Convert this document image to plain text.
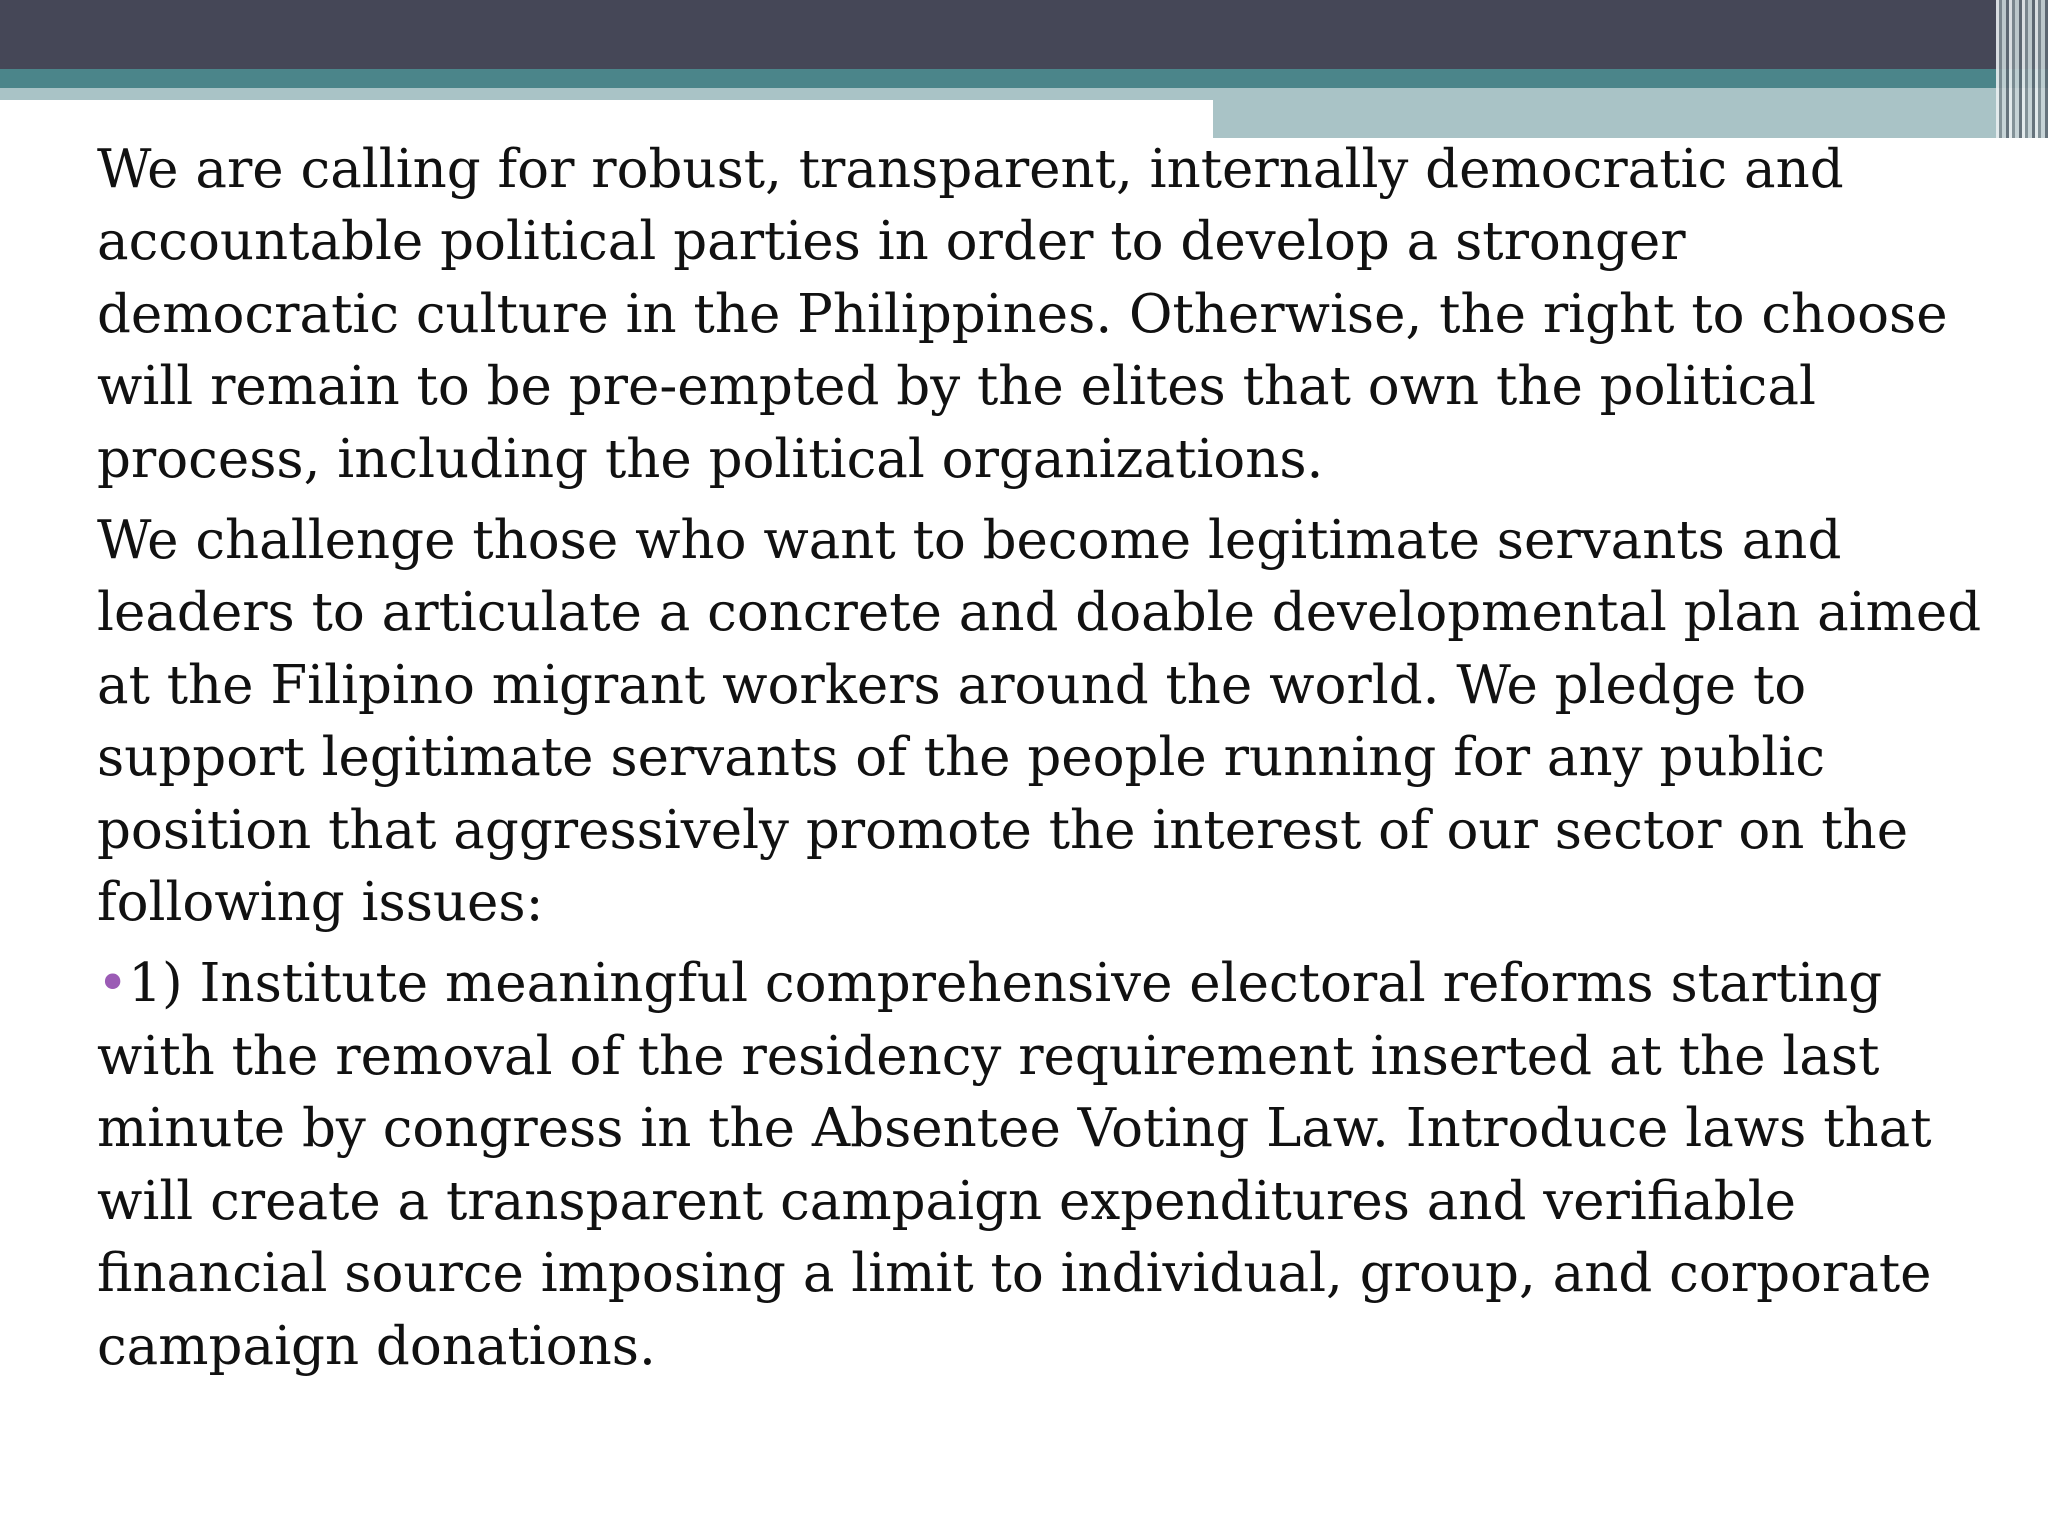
We are calling for robust, transparent, internally democratic and accountable political parties in order to develop a stronger democratic culture in the Philippines. Otherwise, the right to choose will remain to be pre-empted by the elites that own the political process, including the political organizations.

We challenge those who want to become legitimate servants and leaders to articulate a concrete and doable developmental plan aimed at the Filipino migrant workers around the world. We pledge to support legitimate servants of the people running for any public position that aggressively promote the interest of our sector on the following issues:

•1) Institute meaningful comprehensive electoral reforms starting with the removal of the residency requirement inserted at the last minute by congress in the Absentee Voting Law. Introduce laws that will create a transparent campaign expenditures and verifiable financial source imposing a limit to individual, group, and corporate campaign donations.
